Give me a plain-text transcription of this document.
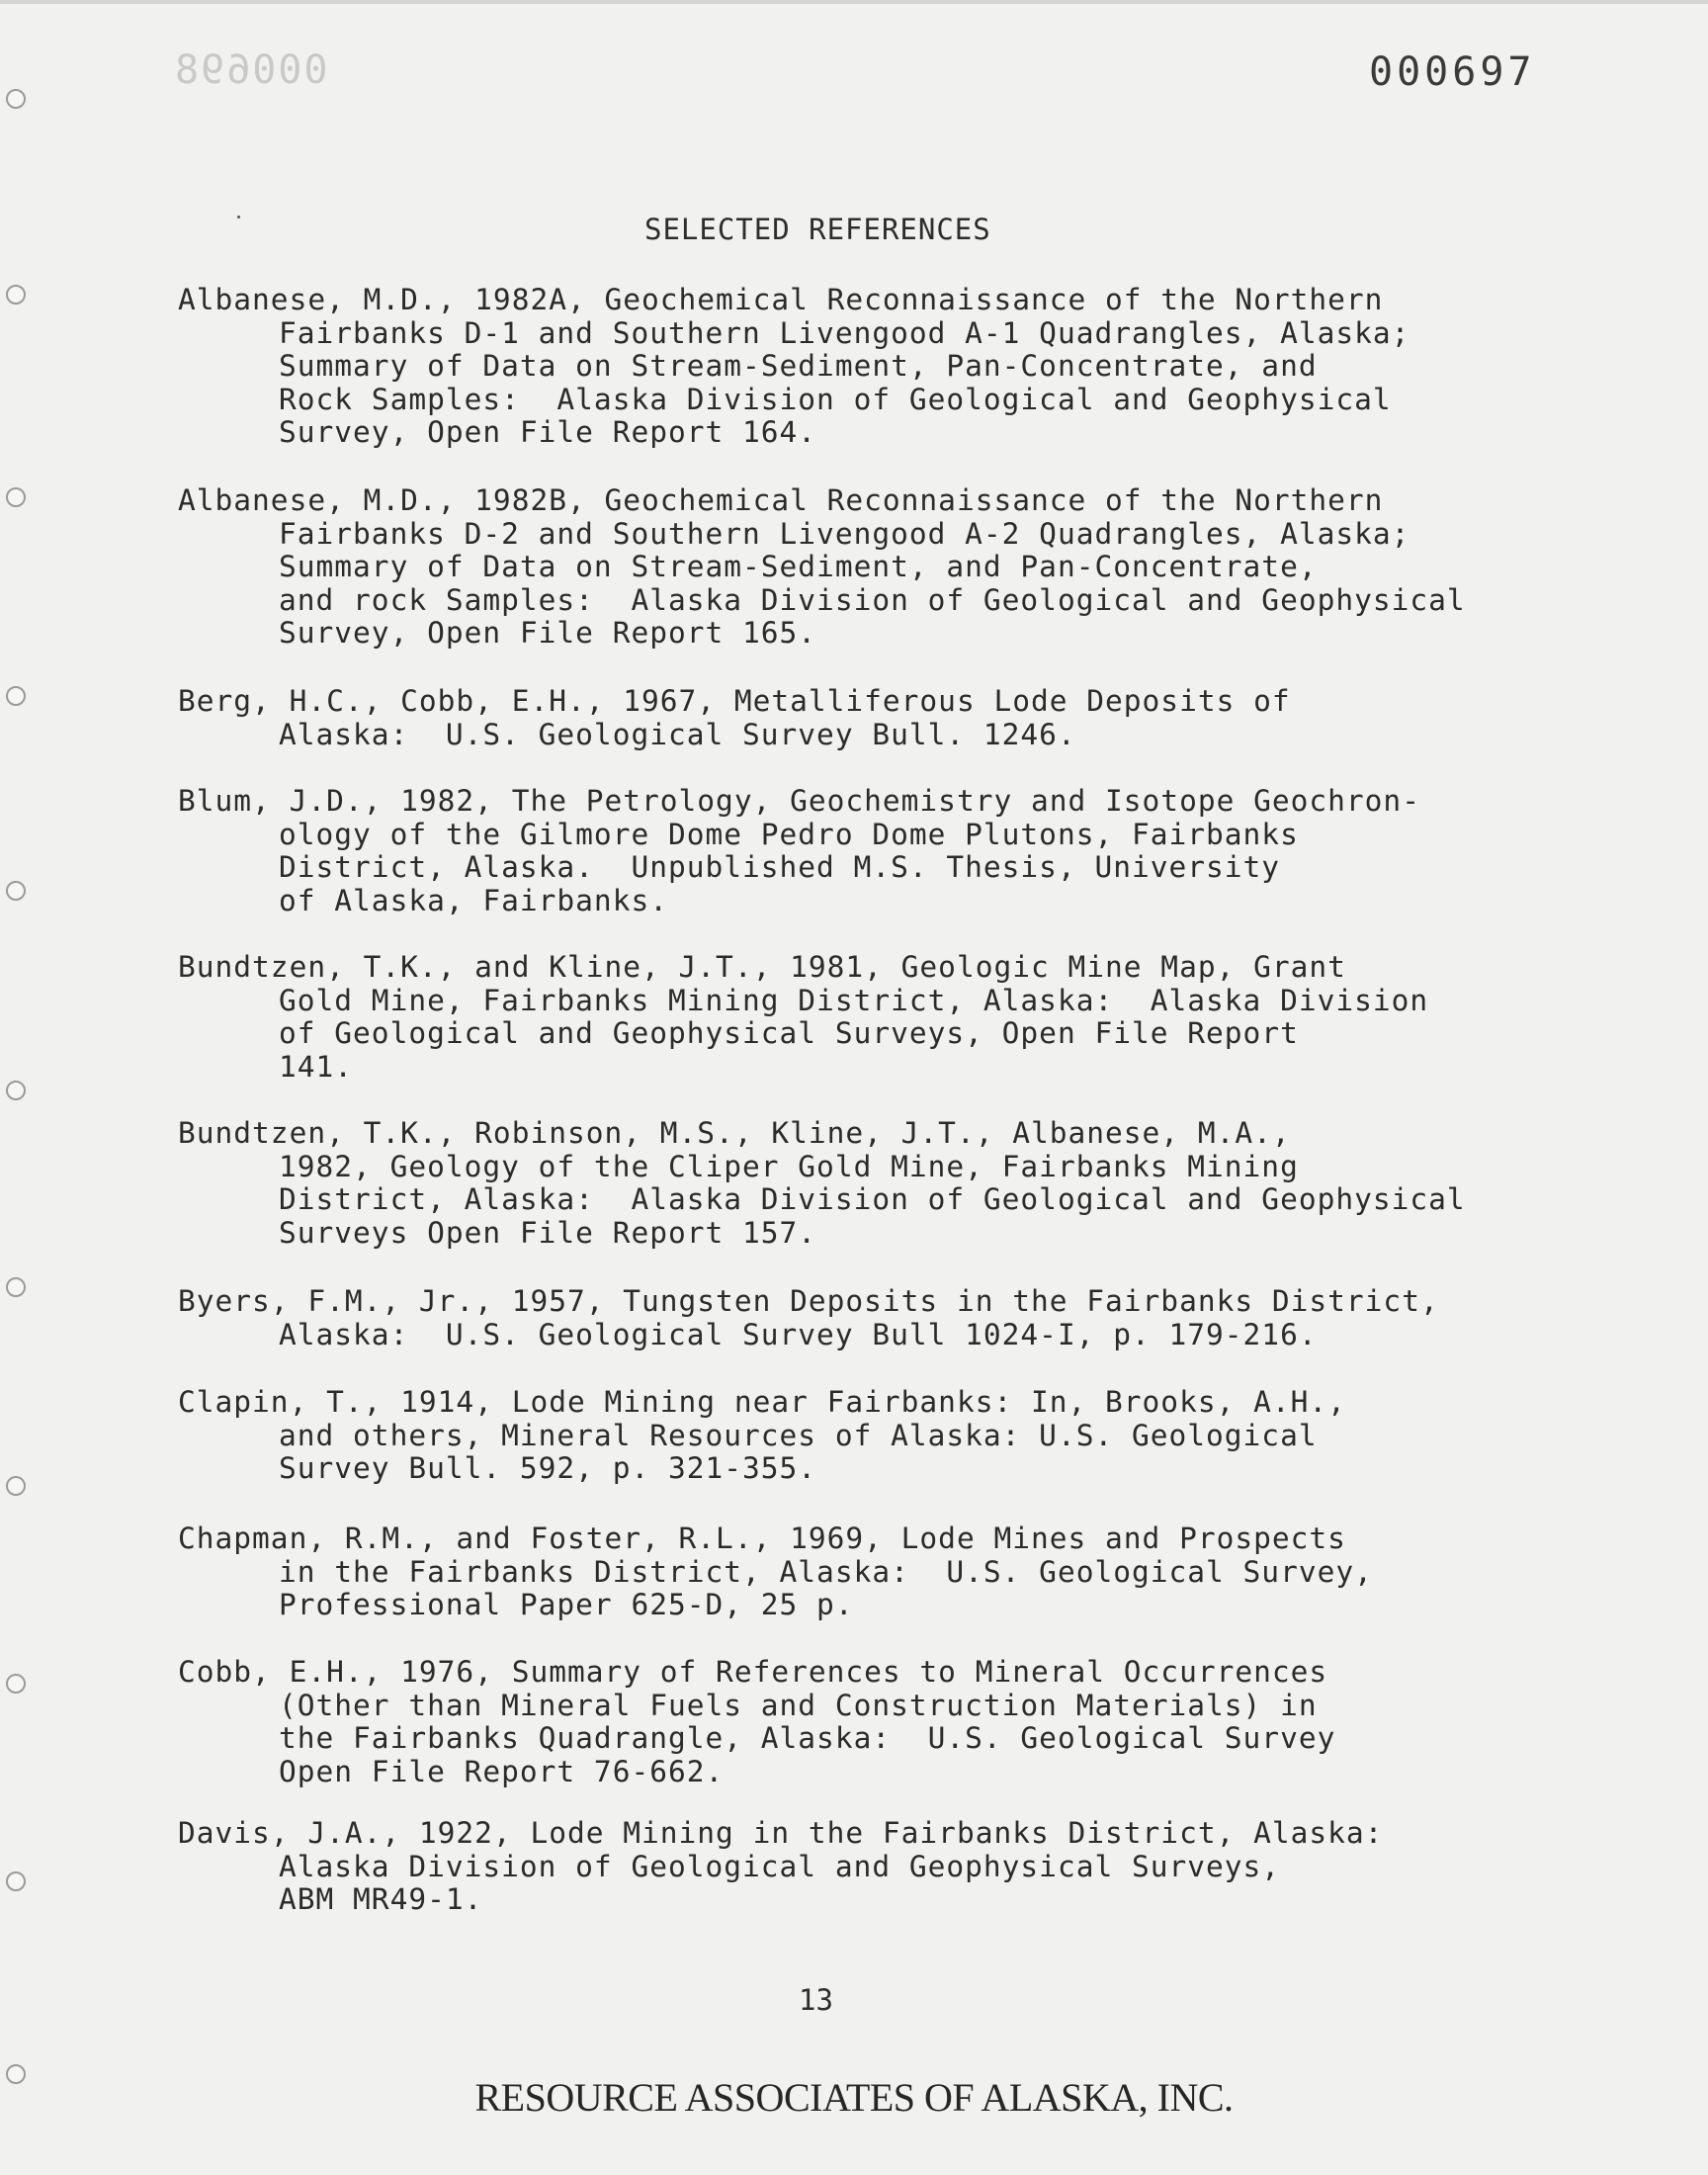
000698	000697
SELECTED REFERENCES
Albanese, M.D., 1982A, Geochemical Reconnaissance of the Northern
Fairbanks D-1 and Southern Livengood A-1 Quadrangles, Alaska;
Summary of Data on Stream-Sediment, Pan-Concentrate, and
Rock Samples:  Alaska Division of Geological and Geophysical
Survey, Open File Report 164.
Albanese, M.D., 1982B, Geochemical Reconnaissance of the Northern
Fairbanks D-2 and Southern Livengood A-2 Quadrangles, Alaska;
Summary of Data on Stream-Sediment, and Pan-Concentrate,
and rock Samples:  Alaska Division of Geological and Geophysical
Survey, Open File Report 165.
Berg, H.C., Cobb, E.H., 1967, Metalliferous Lode Deposits of
Alaska:  U.S. Geological Survey Bull. 1246.
Blum, J.D., 1982, The Petrology, Geochemistry and Isotope Geochron-
ology of the Gilmore Dome Pedro Dome Plutons, Fairbanks
District, Alaska.  Unpublished M.S. Thesis, University
of Alaska, Fairbanks.
Bundtzen, T.K., and Kline, J.T., 1981, Geologic Mine Map, Grant
Gold Mine, Fairbanks Mining District, Alaska:  Alaska Division
of Geological and Geophysical Surveys, Open File Report
141.
Bundtzen, T.K., Robinson, M.S., Kline, J.T., Albanese, M.A.,
1982, Geology of the Cliper Gold Mine, Fairbanks Mining
District, Alaska:  Alaska Division of Geological and Geophysical
Surveys Open File Report 157.
Byers, F.M., Jr., 1957, Tungsten Deposits in the Fairbanks District,
Alaska:  U.S. Geological Survey Bull 1024-I, p. 179-216.
Clapin, T., 1914, Lode Mining near Fairbanks: In, Brooks, A.H.,
and others, Mineral Resources of Alaska: U.S. Geological
Survey Bull. 592, p. 321-355.
Chapman, R.M., and Foster, R.L., 1969, Lode Mines and Prospects
in the Fairbanks District, Alaska:  U.S. Geological Survey,
Professional Paper 625-D, 25 p.
Cobb, E.H., 1976, Summary of References to Mineral Occurrences
(Other than Mineral Fuels and Construction Materials) in
the Fairbanks Quadrangle, Alaska:  U.S. Geological Survey
Open File Report 76-662.
Davis, J.A., 1922, Lode Mining in the Fairbanks District, Alaska:
Alaska Division of Geological and Geophysical Surveys,
ABM MR49-1.
13
RESOURCE ASSOCIATES OF ALASKA, INC.
